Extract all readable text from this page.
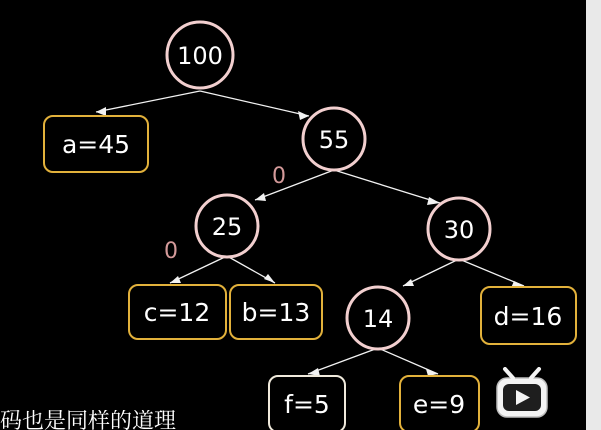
0
0
100
55
25	30
14
a=45
c=12 b=13	d=16
f=5	e=9
码也是同样的道理
